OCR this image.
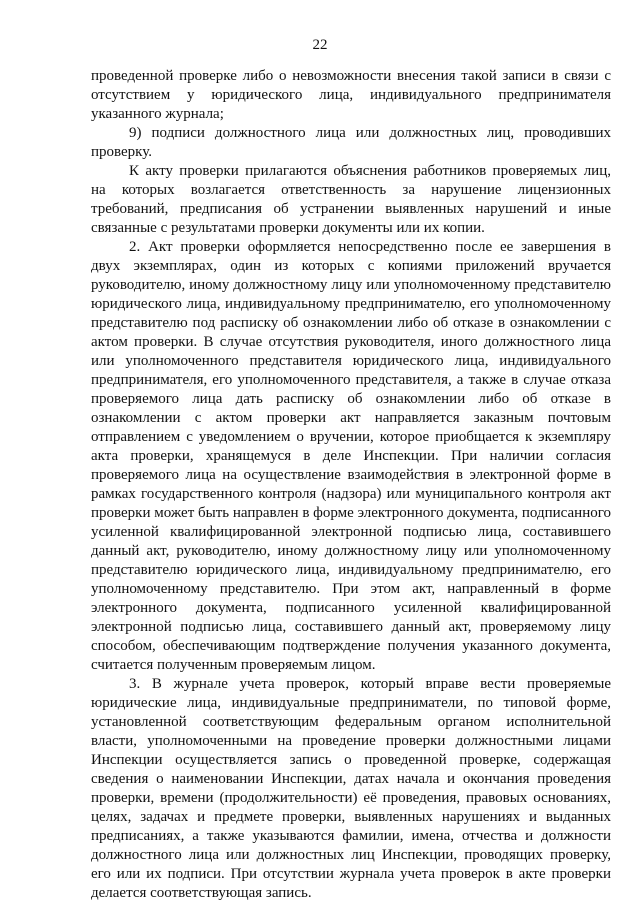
22

проведенной проверке либо о невозможности внесения такой записи в связи с отсутствием у юридического лица, индивидуального предпринимателя указанного журнала;

9) подписи должностного лица или должностных лиц, проводивших проверку.

К акту проверки прилагаются объяснения работников проверяемых лиц, на которых возлагается ответственность за нарушение лицензионных требований, предписания об устранении выявленных нарушений и иные связанные с результатами проверки документы или их копии.

2. Акт проверки оформляется непосредственно после ее завершения в двух экземплярах, один из которых с копиями приложений вручается руководителю, иному должностному лицу или уполномоченному представителю юридического лица, индивидуальному предпринимателю, его уполномоченному представителю под расписку об ознакомлении либо об отказе в ознакомлении с актом проверки. В случае отсутствия руководителя, иного должностного лица или уполномоченного представителя юридического лица, индивидуального предпринимателя, его уполномоченного представителя, а также в случае отказа проверяемого лица дать расписку об ознакомлении либо об отказе в ознакомлении с актом проверки акт направляется заказным почтовым отправлением с уведомлением о вручении, которое приобщается к экземпляру акта проверки, хранящемуся в деле Инспекции. При наличии согласия проверяемого лица на осуществление взаимодействия в электронной форме в рамках государственного контроля (надзора) или муниципального контроля акт проверки может быть направлен в форме электронного документа, подписанного усиленной квалифицированной электронной подписью лица, составившего данный акт, руководителю, иному должностному лицу или уполномоченному представителю юридического лица, индивидуальному предпринимателю, его уполномоченному представителю. При этом акт, направленный в форме электронного документа, подписанного усиленной квалифицированной электронной подписью лица, составившего данный акт, проверяемому лицу способом, обеспечивающим подтверждение получения указанного документа, считается полученным проверяемым лицом.

3. В журнале учета проверок, который вправе вести проверяемые юридические лица, индивидуальные предприниматели, по типовой форме, установленной соответствующим федеральным органом исполнительной власти, уполномоченными на проведение проверки должностными лицами Инспекции осуществляется запись о проведенной проверке, содержащая сведения о наименовании Инспекции, датах начала и окончания проведения проверки, времени (продолжительности) её проведения, правовых основаниях, целях, задачах и предмете проверки, выявленных нарушениях и выданных предписаниях, а также указываются фамилии, имена, отчества и должности должностного лица или должностных лиц Инспекции, проводящих проверку, его или их подписи. При отсутствии журнала учета проверок в акте проверки делается соответствующая запись.
